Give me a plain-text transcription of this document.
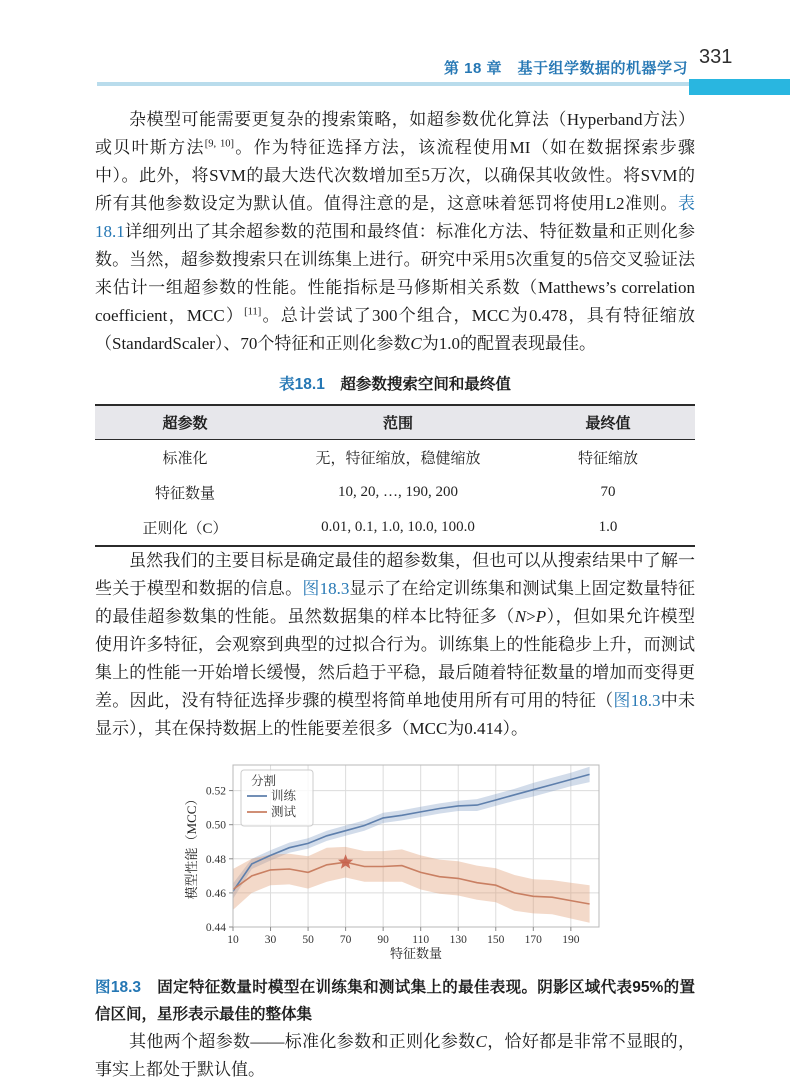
第 18 章　基于组学数据的机器学习
331

杂模型可能需要更复杂的搜索策略，如超参数优化算法（Hyperband方法）或贝叶斯方法[9, 10]。作为特征选择方法，该流程使用MI（如在数据探索步骤中）。此外，将SVM的最大迭代次数增加至5万次，以确保其收敛性。将SVM的所有其他参数设定为默认值。值得注意的是，这意味着惩罚将使用L2准则。表18.1详细列出了其余超参数的范围和最终值：标准化方法、特征数量和正则化参数。当然，超参数搜索只在训练集上进行。研究中采用5次重复的5倍交叉验证法来估计一组超参数的性能。性能指标是马修斯相关系数（Matthews’s correlation coefficient，MCC）[11]。总计尝试了300个组合，MCC为0.478，具有特征缩放（StandardScaler）、70个特征和正则化参数C为1.0的配置表现最佳。

表18.1　超参数搜索空间和最终值

超参数	范围	最终值
标准化	无，特征缩放，稳健缩放	特征缩放
特征数量	10, 20, …, 190, 200	70
正则化（C）	0.01, 0.1, 1.0, 10.0, 100.0	1.0

虽然我们的主要目标是确定最佳的超参数集，但也可以从搜索结果中了解一些关于模型和数据的信息。图18.3显示了在给定训练集和测试集上固定数量特征的最佳超参数集的性能。虽然数据集的样本比特征多（N>P），但如果允许模型使用许多特征，会观察到典型的过拟合行为。训练集上的性能稳步上升，而测试集上的性能一开始增长缓慢，然后趋于平稳，最后随着特征数量的增加而变得更差。因此，没有特征选择步骤的模型将简单地使用所有可用的特征（图18.3中未显示），其在保持数据上的性能要差很多（MCC为0.414）。

10 30 50 70 90 110 130 150 170 190
0.44
0.46
0.48
0.50
0.52
特征数量
模型性能（MCC）
分割
训练
测试

图18.3　固定特征数量时模型在训练集和测试集上的最佳表现。阴影区域代表95%的置信区间，星形表示最佳的整体集

其他两个超参数——标准化参数和正则化参数C，恰好都是非常不显眼的，事实上都处于默认值。
